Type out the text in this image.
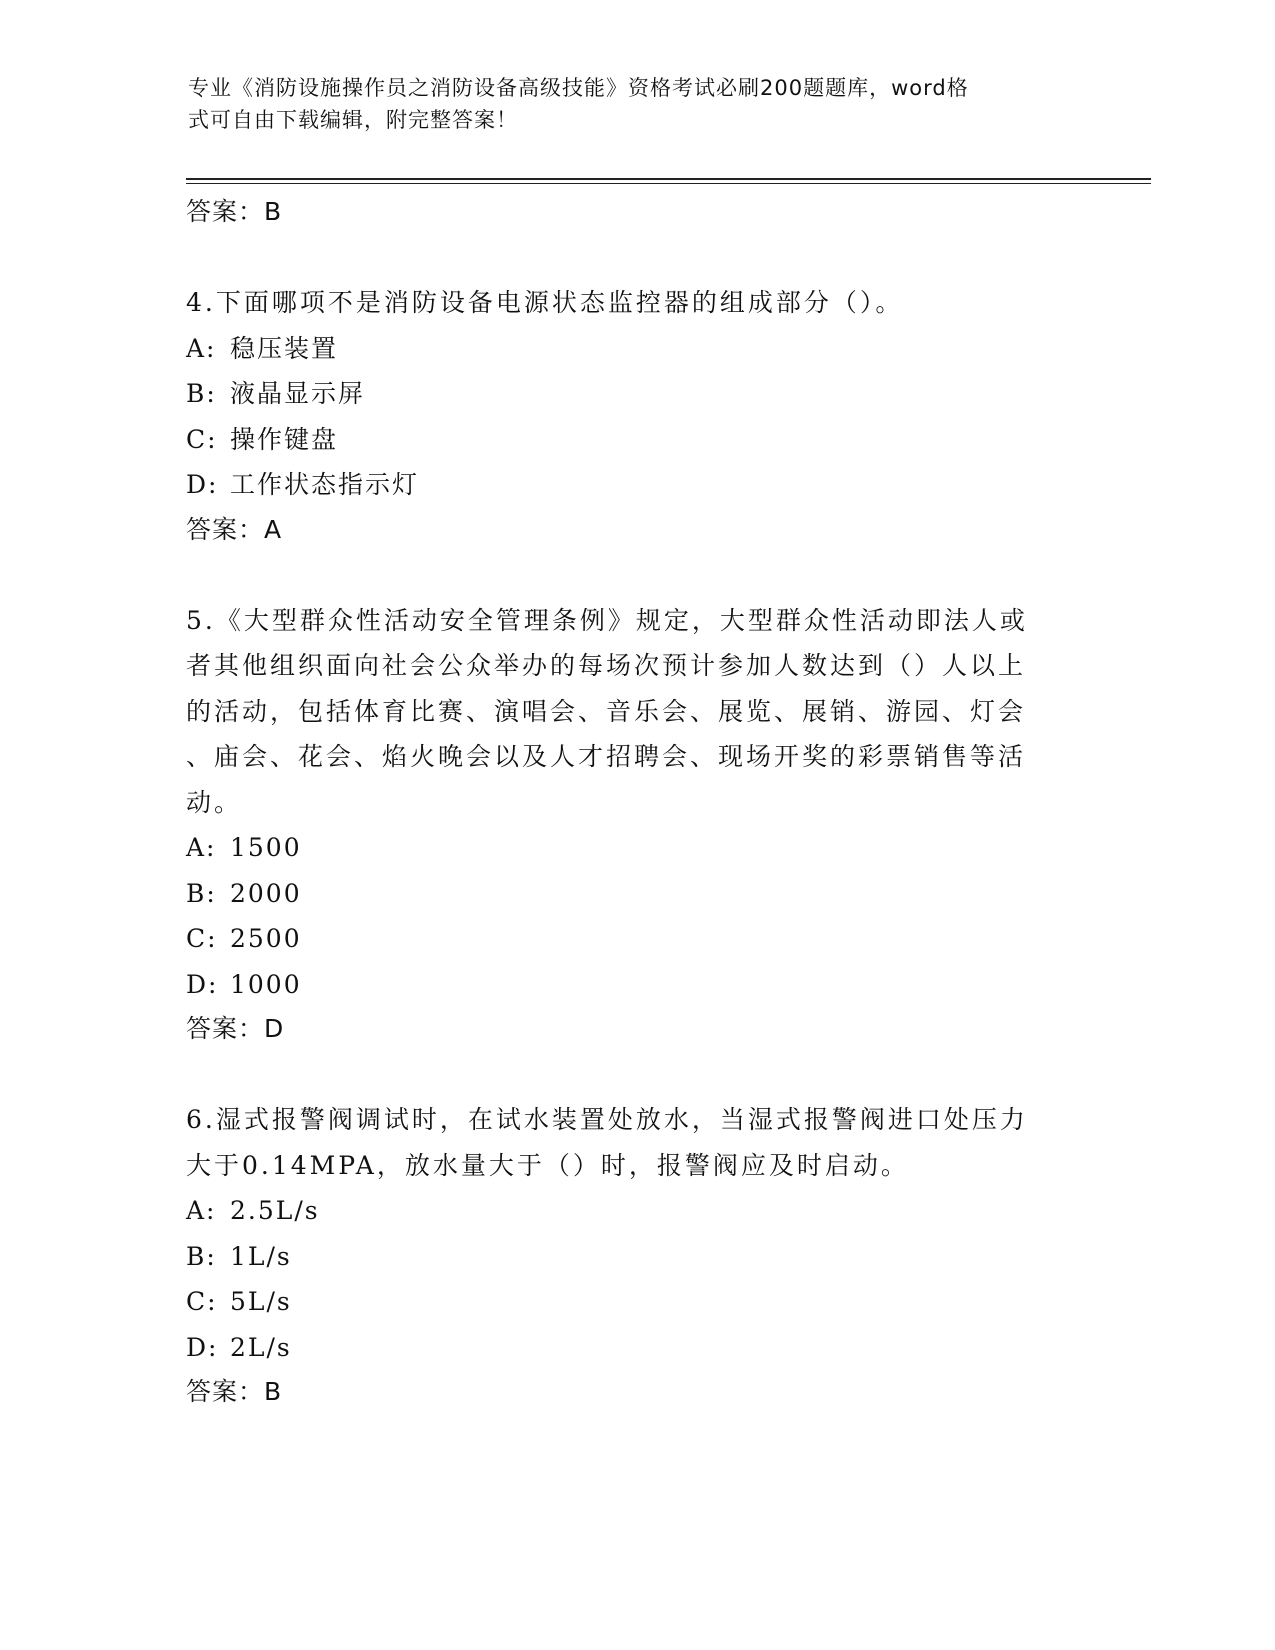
专业《消防设施操作员之消防设备高级技能》资格考试必刷200题题库，word格
式可自由下载编辑，附完整答案！
答案：B
4.下面哪项不是消防设备电源状态监控器的组成部分（）。
A: 稳压装置
B: 液晶显示屏
C: 操作键盘
D: 工作状态指示灯
答案：A
5.《大型群众性活动安全管理条例》规定，大型群众性活动即法人或
者其他组织面向社会公众举办的每场次预计参加人数达到（）人以上
的活动，包括体育比赛、演唱会、音乐会、展览、展销、游园、灯会
、庙会、花会、焰火晚会以及人才招聘会、现场开奖的彩票销售等活
动。
A: 1500
B: 2000
C: 2500
D: 1000
答案：D
6.湿式报警阀调试时，在试水装置处放水，当湿式报警阀进口处压力
大于0.14MPA，放水量大于（）时，报警阀应及时启动。
A: 2.5L/s
B: 1L/s
C: 5L/s
D: 2L/s
答案：B
